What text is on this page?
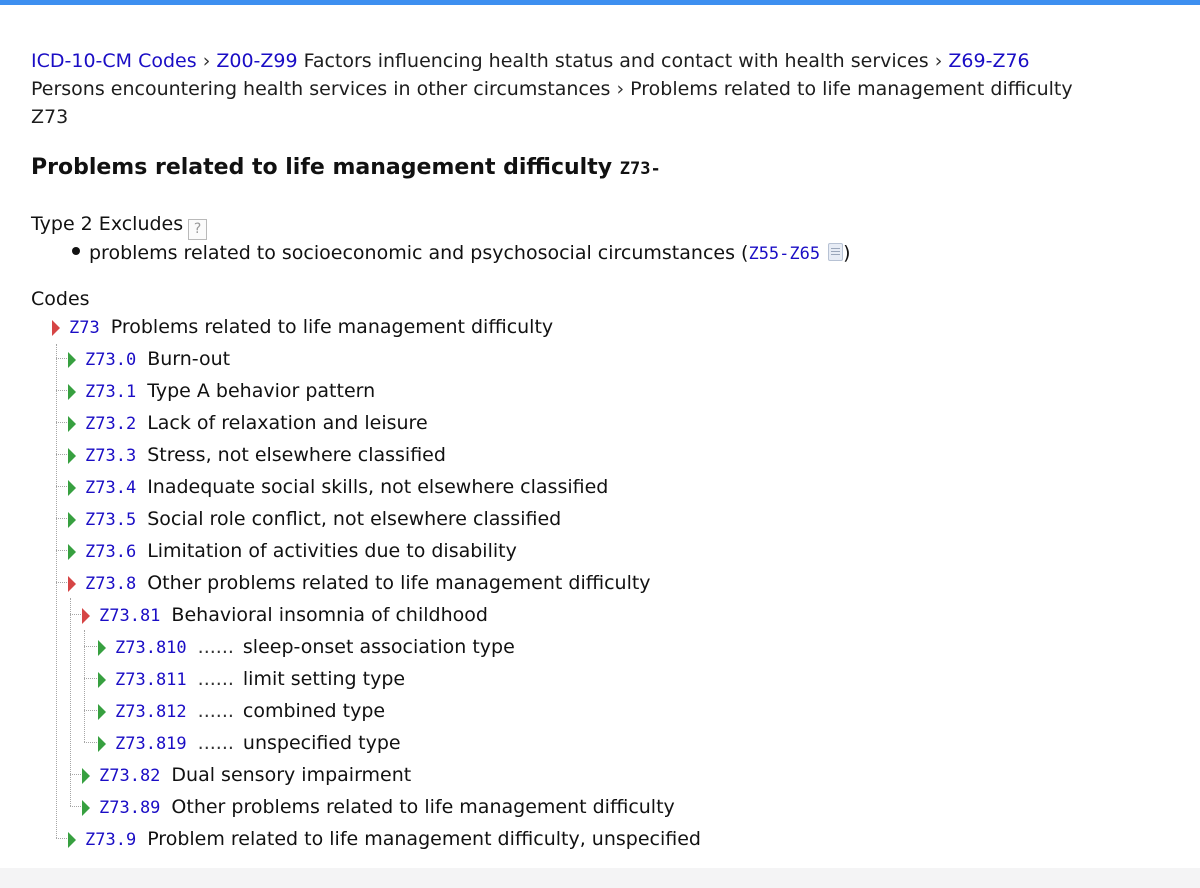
ICD-10-CM Codes › Z00-Z99 Factors influencing health status and contact with health services › Z69-Z76
Persons encountering health services in other circumstances › Problems related to life management difficulty
Z73
Problems related to life management difficulty Z73-
Type 2 Excludes ?
problems related to socioeconomic and psychosocial circumstances (Z55-Z65 )
Codes
Z73 Problems related to life management difficulty
Z73.0 Burn-out
Z73.1 Type A behavior pattern
Z73.2 Lack of relaxation and leisure
Z73.3 Stress, not elsewhere classified
Z73.4 Inadequate social skills, not elsewhere classified
Z73.5 Social role conflict, not elsewhere classified
Z73.6 Limitation of activities due to disability
Z73.8 Other problems related to life management difficulty
Z73.81 Behavioral insomnia of childhood
Z73.810 ...... sleep-onset association type
Z73.811 ...... limit setting type
Z73.812 ...... combined type
Z73.819 ...... unspecified type
Z73.82 Dual sensory impairment
Z73.89 Other problems related to life management difficulty
Z73.9 Problem related to life management difficulty, unspecified
